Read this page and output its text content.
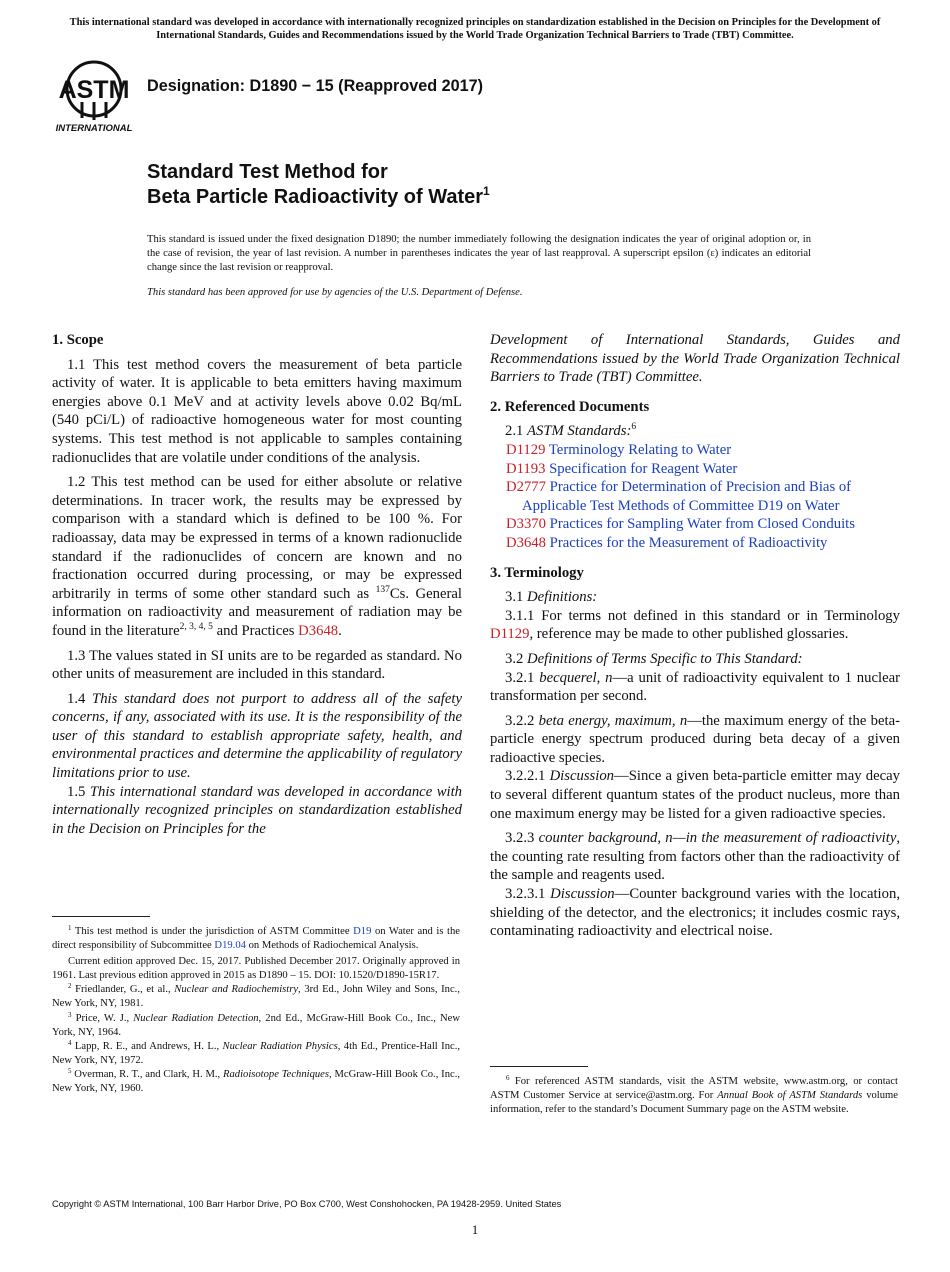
This international standard was developed in accordance with internationally recognized principles on standardization established in the Decision on Principles for the Development of International Standards, Guides and Recommendations issued by the World Trade Organization Technical Barriers to Trade (TBT) Committee.
ASTM
INTERNATIONAL
Designation: D1890 − 15 (Reapproved 2017)
Standard Test Method for
Beta Particle Radioactivity of Water$^1$
This standard is issued under the fixed designation D1890; the number immediately following the designation indicates the year of original adoption or, in the case of revision, the year of last revision. A number in parentheses indicates the year of last reapproval. A superscript epsilon (ε) indicates an editorial change since the last revision or reapproval.
This standard has been approved for use by agencies of the U.S. Department of Defense.
1. Scope

1.1 This test method covers the measurement of beta particle activity of water. It is applicable to beta emitters having maximum energies above 0.1 MeV and at activity levels above 0.02 Bq/mL (540 pCi/L) of radioactive homogeneous water for most counting systems. This test method is not applicable to samples containing radionuclides that are volatile under conditions of the analysis.

1.2 This test method can be used for either absolute or relative determinations. In tracer work, the results may be expressed by comparison with a standard which is defined to be 100 %. For radioassay, data may be expressed in terms of a known radionuclide standard if the radionuclides of concern are known and no fractionation occurred during processing, or may be expressed arbitrarily in terms of some other standard such as $^{137}$Cs. General information on radioactivity and measurement of radiation may be found in the literature$^{2, 3, 4, 5}$ and Practices D3648.

1.3 The values stated in SI units are to be regarded as standard. No other units of measurement are included in this standard.

1.4 This standard does not purport to address all of the safety concerns, if any, associated with its use. It is the responsibility of the user of this standard to establish appropriate safety, health, and environmental practices and determine the applicability of regulatory limitations prior to use.

1.5 This international standard was developed in accordance with internationally recognized principles on standardization established in the Decision on Principles for the

$^1$ This test method is under the jurisdiction of ASTM Committee D19 on Water and is the direct responsibility of Subcommittee D19.04 on Methods of Radiochemical Analysis.

Current edition approved Dec. 15, 2017. Published December 2017. Originally approved in 1961. Last previous edition approved in 2015 as D1890 – 15. DOI: 10.1520/D1890-15R17.

$^2$ Friedlander, G., et al., Nuclear and Radiochemistry, 3rd Ed., John Wiley and Sons, Inc., New York, NY, 1981.

$^3$ Price, W. J., Nuclear Radiation Detection, 2nd Ed., McGraw-Hill Book Co., Inc., New York, NY, 1964.

$^4$ Lapp, R. E., and Andrews, H. L., Nuclear Radiation Physics, 4th Ed., Prentice-Hall Inc., New York, NY, 1972.

$^5$ Overman, R. T., and Clark, H. M., Radioisotope Techniques, McGraw-Hill Book Co., Inc., New York, NY, 1960.

Development of International Standards, Guides and Recommendations issued by the World Trade Organization Technical Barriers to Trade (TBT) Committee.

2. Referenced Documents

2.1 ASTM Standards:$^6$

D1129 Terminology Relating to Water

D1193 Specification for Reagent Water

D2777 Practice for Determination of Precision and Bias of Applicable Test Methods of Committee D19 on Water

D3370 Practices for Sampling Water from Closed Conduits

D3648 Practices for the Measurement of Radioactivity

3. Terminology

3.1 Definitions:

3.1.1 For terms not defined in this standard or in Terminology D1129, reference may be made to other published glossaries.

3.2 Definitions of Terms Specific to This Standard:

3.2.1 becquerel, n—a unit of radioactivity equivalent to 1 nuclear transformation per second.

3.2.2 beta energy, maximum, n—the maximum energy of the beta-particle energy spectrum produced during beta decay of a given radioactive species.

3.2.2.1 Discussion—Since a given beta-particle emitter may decay to several different quantum states of the product nucleus, more than one maximum energy may be listed for a given radioactive species.

3.2.3 counter background, n—in the measurement of radioactivity, the counting rate resulting from factors other than the radioactivity of the sample and reagents used.

3.2.3.1 Discussion—Counter background varies with the location, shielding of the detector, and the electronics; it includes cosmic rays, contaminating radioactivity and electrical noise.

$^6$ For referenced ASTM standards, visit the ASTM website, www.astm.org, or contact ASTM Customer Service at service@astm.org. For Annual Book of ASTM Standards volume information, refer to the standard’s Document Summary page on the ASTM website.

Copyright © ASTM International, 100 Barr Harbor Drive, PO Box C700, West Conshohocken, PA 19428-2959. United States
1
